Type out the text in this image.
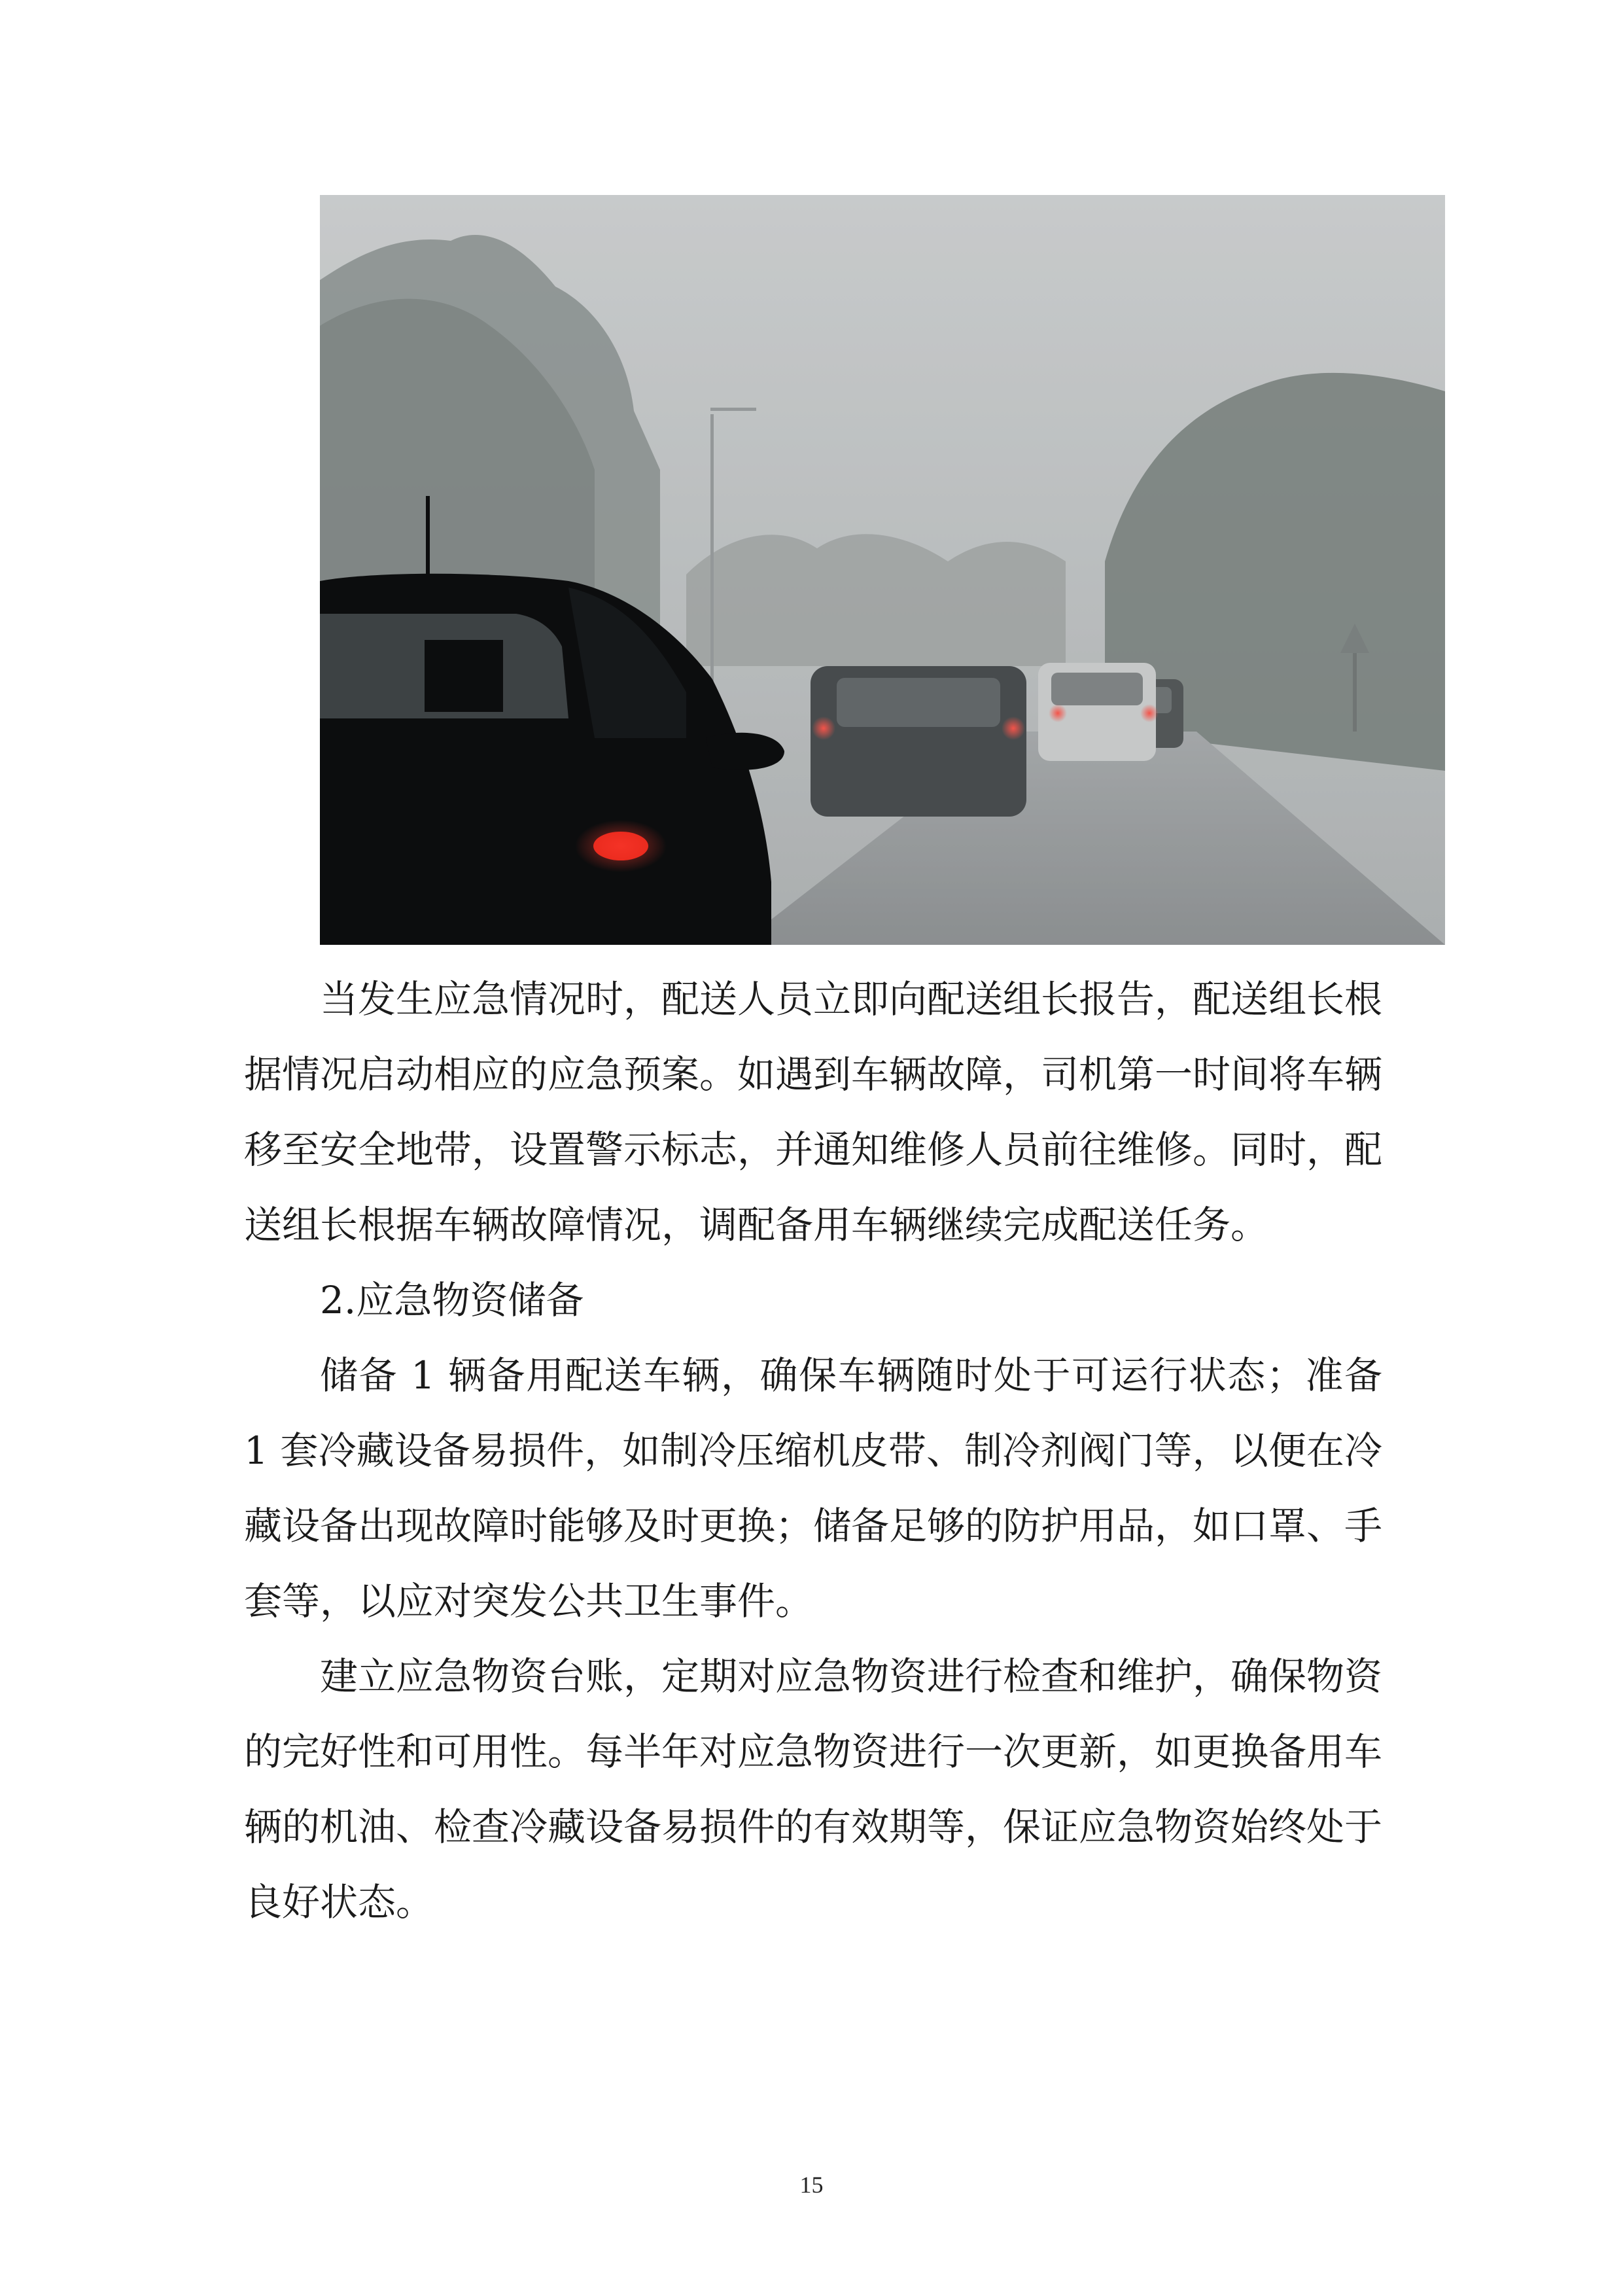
当发生应急情况时，配送人员立即向配送组长报告，配送组长根据情况启动相应的应急预案。如遇到车辆故障，司机第一时间将车辆移至安全地带，设置警示标志，并通知维修人员前往维修。同时，配送组长根据车辆故障情况，调配备用车辆继续完成配送任务。

2.应急物资储备

储备 1 辆备用配送车辆，确保车辆随时处于可运行状态；准备 1 套冷藏设备易损件，如制冷压缩机皮带、制冷剂阀门等，以便在冷藏设备出现故障时能够及时更换；储备足够的防护用品，如口罩、手套等，以应对突发公共卫生事件。

建立应急物资台账，定期对应急物资进行检查和维护，确保物资的完好性和可用性。每半年对应急物资进行一次更新，如更换备用车辆的机油、检查冷藏设备易损件的有效期等，保证应急物资始终处于良好状态。

15
